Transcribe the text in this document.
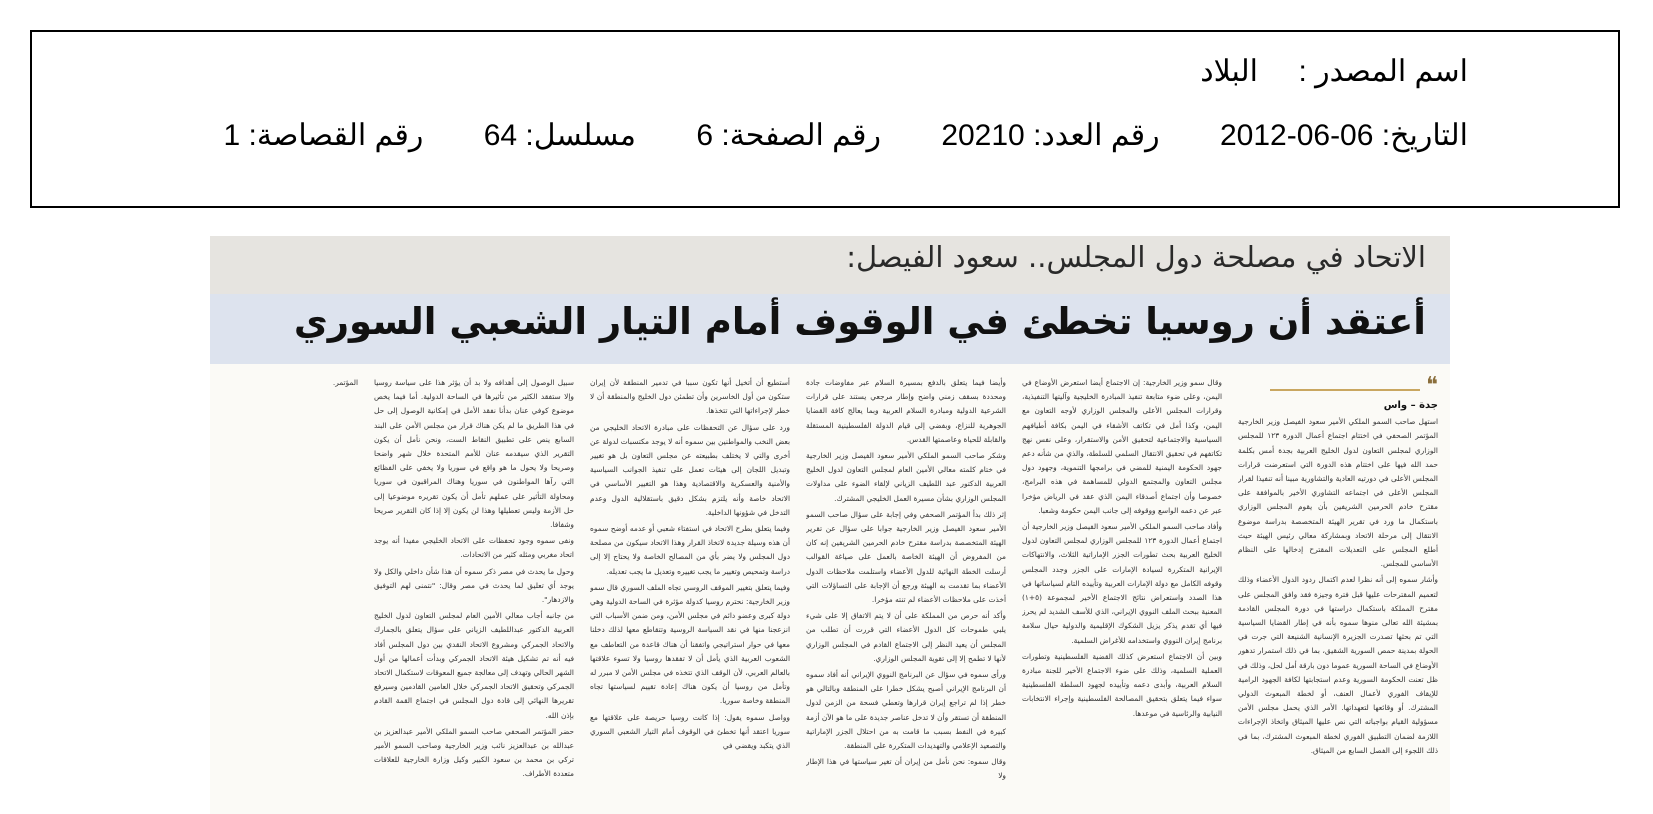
اسم المصدر :البلاد
التاريخ: 2012-06-06 رقم العدد: 20210 رقم الصفحة: 6 مسلسل: 64 رقم القصاصة: 1
الاتحاد في مصلحة دول المجلس.. سعود الفيصل:
أعتقد أن روسيا تخطئ في الوقوف أمام التيار الشعبي السوري
❝
جدة – واس

استهل صاحب السمو الملكي الأمير سعود الفيصل وزير الخارجية المؤتمر الصحفي في اختتام اجتماع أعمال الدورة ١٢٣ للمجلس الوزاري لمجلس التعاون لدول الخليج العربية بجدة أمس بكلمة حمد الله فيها على اختتام هذه الدورة التي استعرضت قرارات المجلس الأعلى في دورتيه العادية والتشاورية مبينا أنه تنفيذا لقرار المجلس الأعلى في اجتماعه التشاوري الأخير بالموافقة على مقترح خادم الحرمين الشريفين بأن يقوم المجلس الوزاري باستكمال ما ورد في تقرير الهيئة المتخصصة بدراسة موضوع الانتقال إلى مرحلة الاتحاد وبمشاركة معالي رئيس الهيئة حيث أطلع المجلس على التعديلات المقترح إدخالها على النظام الأساسي للمجلس.

وأشار سموه إلى أنه نظرا لعدم اكتمال ردود الدول الأعضاء وذلك لتعميم المقترحات عليها قبل فترة وجيزة فقد وافق المجلس على مقترح المملكة باستكمال دراستها في دورة المجلس القادمة بمشيئة الله تعالى منوها سموه بأنه في إطار القضايا السياسية التي تم بحثها تصدرت الجزيرة الإنسانية الشنيعة التي جرت في الحولة بمدينة حمص السورية الشقيق، بما في ذلك استمرار تدهور الأوضاع في الساحة السورية عموما دون بارقة أمل لحل، وذلك في ظل تعنت الحكومة السورية وعدم استجابتها لكافة الجهود الرامية للإيقاف الفوري لأعمال العنف، أو لخطة المبعوث الدولي المشترك. أو وقائعها لتعهداتها. الأمر الذي يحمل مجلس الأمن مسؤولية القيام بواجباته التي نص عليها الميثاق واتخاذ الإجراءات اللازمة لضمان التطبيق الفوري لخطة المبعوث المشترك، بما في ذلك اللجوء إلى الفصل السابع من الميثاق.

وقال سمو وزير الخارجية: إن الاجتماع أيضا استعرض الأوضاع في اليمن، وعلى ضوء متابعة تنفيذ المبادرة الخليجية وآليتها التنفيذية، وقرارات المجلس الأعلى والمجلس الوزاري لأوجه التعاون مع اليمن، وكذا أمل في تكاتف الأشقاء في اليمن بكافة أطيافهم السياسية والاجتماعية لتحقيق الأمن والاستقرار، وعلى نفس نهج تكاتفهم في تحقيق الانتقال السلمي للسلطة، والذي من شأنه دعم جهود الحكومة اليمنية للمضي في برامجها التنموية، وجهود دول مجلس التعاون والمجتمع الدولي للمساهمة في هذه البرامج، خصوصا وأن اجتماع أصدقاء اليمن الذي عقد في الرياض مؤخرا عبر عن دعمه الواسع ووقوفه إلى جانب اليمن حكومة وشعبا.

وأفاد صاحب السمو الملكي الأمير سعود الفيصل وزير الخارجية أن اجتماع أعمال الدورة ١٢٣ للمجلس الوزاري لمجلس التعاون لدول الخليج العربية بحث تطورات الجزر الإماراتية الثلاث، والانتهاكات الإيرانية المتكررة لسيادة الإمارات على الجزر وجدد المجلس وقوفه الكامل مع دولة الإمارات العربية وتأييده التام لسياساتها في هذا الصدد واستعراض نتائج الاجتماع الأخير لمجموعة (٥+١) المعنية ببحث الملف النووي الإيراني، الذي للأسف الشديد لم يحرز فيها أي تقدم يذكر يزيل الشكوك الإقليمية والدولية حيال سلامة برنامج إيران النووي واستخدامه للأغراض السلمية.

وبين أن الاجتماع استعرض كذلك القضية الفلسطينية وتطورات العملية السلمية، وذلك على ضوء الاجتماع الأخير للجنة مبادرة السلام العربية، وأبدى دعمه وتأييده لجهود السلطة الفلسطينية سواء فيما يتعلق بتحقيق المصالحة الفلسطينية وإجراء الانتخابات النيابية والرئاسية في موعدها.

وأيضا فيما يتعلق بالدفع بمسيرة السلام عبر مفاوضات جادة ومحددة بسقف زمني واضح وإطار مرجعي يستند على قرارات الشرعية الدولية ومبادرة السلام العربية وبما يعالج كافة القضايا الجوهرية للنزاع، وبفضي إلى قيام الدولة الفلسطينية المستقلة والقابلة للحياة وعاصمتها القدس.

وشكر صاحب السمو الملكي الأمير سعود الفيصل وزير الخارجية في ختام كلمته معالي الأمين العام لمجلس التعاون لدول الخليج العربية الدكتور عبد اللطيف الزياني لإلقاء الضوء على مداولات المجلس الوزاري بشأن مسيرة العمل الخليجي المشترك.

إثر ذلك بدأ المؤتمر الصحفي وفي إجابة على سؤال صاحب السمو الأمير سعود الفيصل وزير الخارجية جوابا على سؤال عن تقرير الهيئة المتخصصة بدراسة مقترح خادم الحرمين الشريفين إنه كان من المفروض أن الهيئة الخاصة بالعمل على صياغة القوالب أرسلت الخطة النهائية للدول الأعضاء واستلمت ملاحظات الدول الأعضاء بما تقدمت به الهيئة ورجع أن الإجابة على التساؤلات التي أخذت على ملاحظات الأعضاء لم تنته مؤخرا.

وأكد أنه حرص من المملكة على أن لا يتم الاتفاق إلا على شيء يلبي طموحات كل الدول الأعضاء التي قررت أن تطلب من المجلس أن يعيد النظر إلى الاجتماع القادم في المجلس الوزاري لأنها لا تطمح إلا إلى تقوية المجلس الوزاري.

ورأى سموه في سؤال عن البرنامج النووي الإيراني أنه أفاد سموه أن البرنامج الإيراني أصبح يشكل خطرا على المنطقة وبالتالي هو خطر إذا لم تراجع إيران قرارها وتعطي فسحة من الزمن لدول المنطقة أن تستقر وأن لا تدخل عناصر جديدة على ما هو الآن أزمة كبيرة في النفط بسبب ما قامت به من احتلال الجزر الإماراتية والتصعيد الإعلامي والتهديدات المتكررة على المنطقة.

وقال سموه: نحن نأمل من إيران أن تغير سياستها في هذا الإطار ولا

أستطيع أن أتخيل أنها تكون سببا في تدمير المنطقة لأن إيران ستكون من أول الخاسرين وأن تطمئن دول الخليج والمنطقة أن لا خطر لإجراءاتها التي تتخذها.

ورد على سؤال عن التحفظات على مبادرة الاتحاد الخليجي من بعض النخب والمواطنين بين سموه أنه لا يوجد مكتسبات لدولة عن أخرى والتي لا يختلف بطبيعته عن مجلس التعاون بل هو تغيير وتبديل اللجان إلى هيئات تعمل على تنفيذ الجوانب السياسية والأمنية والعسكرية والاقتصادية وهذا هو التغيير الأساسي في الاتحاد خاصة وأنه يلتزم بشكل دقيق باستقلالية الدول وعدم التدخل في شؤونها الداخلية.

وفيما يتعلق بطرح الاتحاد في استفتاء شعبي أو عدمه أوضح سموه أن هذه وسيلة جديدة لاتخاذ القرار وهذا الاتحاد سيكون من مصلحة دول المجلس ولا يضر بأي من المصالح الخاصة ولا يحتاج إلا إلى دراسة وتمحيص وتغيير ما يجب تغييره وتعديل ما يجب تعديله.

وفيما يتعلق بتغيير الموقف الروسي تجاه الملف السوري قال سمو وزير الخارجية: نحترم روسيا كدولة مؤثرة في الساحة الدولية وهي دولة كبرى وعضو دائم في مجلس الأمن، ومن ضمن الأسباب التي انزعجنا منها في نقد السياسة الروسية وتتقاطع معها لذلك دخلنا معها في حوار استراتيجي واتفقنا أن هناك قاعدة من التعاطف مع الشعوب العربية الذي يأمل أن لا تفقدها روسيا ولا تسوء علاقتها بالعالم العربي، لأن الوقف الذي تتخذه في مجلس الأمن لا مبرر له وتأمل من روسيا أن يكون هناك إعادة تقييم لسياستها تجاه المنطقة وخاصة سوريا.

وواصل سموه يقول: إذا كانت روسيا حريصة على علاقتها مع سوريا اعتقد أنها تخطئ في الوقوف أمام التيار الشعبي السوري الذي يتكبد ويقضي في

سبيل الوصول إلى أهدافه ولا بد أن يؤثر هذا على سياسة روسيا وإلا ستفقد الكثير من تأثيرها في الساحة الدولية. أما فيما يخص موضوع كوفي عنان بدأنا نفقد الأمل في إمكانية الوصول إلى حل في هذا الطريق ما لم يكن هناك قرار من مجلس الأمن على البند السابع ينص على تطبيق النقاط الست، ونحن نأمل أن يكون التقرير الذي سيقدمه عنان للأمم المتحدة خلال شهر واضحا وصريحا ولا يحول ما هو واقع في سوريا ولا يخفي على الفظائع التي رآها المواطنون في سوريا وهناك المراقبون في سوريا ومحاولة التأثير على عملهم تأمل أن يكون تقريره موضوعيا إلى حل الأزمة وليس تعطيلها وهذا لن يكون إلا إذا كان التقرير صريحا وشفافا.

ونفى سموه وجود تحفظات على الاتحاد الخليجي مفيدا أنه يوجد اتحاد مغربي ومثله كثير من الاتحادات.

وحول ما يحدث في مصر ذكر سموه أن هذا شأن داخلي والكل ولا يوجد أي تعليق لما يحدث في مصر وقال: "نتمنى لهم التوفيق والازدهار".

من جانبه أجاب معالي الأمين العام لمجلس التعاون لدول الخليج العربية الدكتور عبداللطيف الزياني على سؤال يتعلق بالجمارك والاتحاد الجمركي ومشروع الاتحاد النقدي بين دول المجلس أفاد فيه أنه تم تشكيل هيئة الاتحاد الجمركي وبدأت أعمالها من أول الشهر الحالي وتهدف إلى معالجة جميع المعوقات لاستكمال الاتحاد الجمركي وتحقيق الاتحاد الجمركي خلال العامين القادمين وسيرفع تقريرها النهائي إلى قادة دول المجلس في اجتماع القمة القادم بإذن الله.

حضر المؤتمر الصحفي صاحب السمو الملكي الأمير عبدالعزيز بن عبدالله بن عبدالعزيز نائب وزير الخارجية وصاحب السمو الأمير تركي بن محمد بن سعود الكبير وكيل وزارة الخارجية للعلاقات متعددة الأطراف.

المؤتمر.
